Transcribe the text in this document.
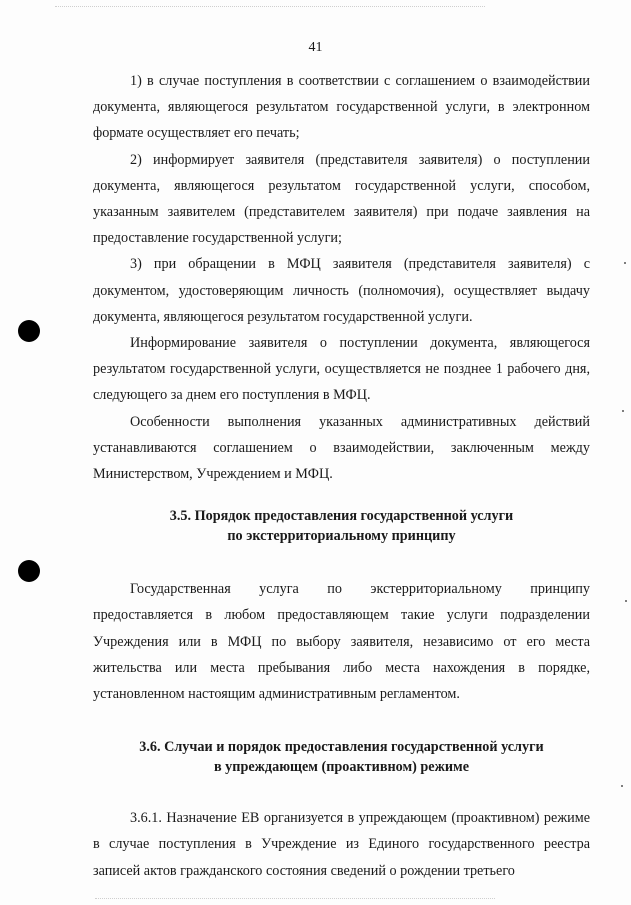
41

1) в случае поступления в соответствии с соглашением о взаимодействии документа, являющегося результатом государственной услуги, в электронном формате осуществляет его печать;

2) информирует заявителя (представителя заявителя) о поступлении документа, являющегося результатом государственной услуги, способом, указанным заявителем (представителем заявителя) при подаче заявления на предоставление государственной услуги;

3) при обращении в МФЦ заявителя (представителя заявителя) с документом, удостоверяющим личность (полномочия), осуществляет выдачу документа, являющегося результатом государственной услуги.

Информирование заявителя о поступлении документа, являющегося результатом государственной услуги, осуществляется не позднее 1 рабочего дня, следующего за днем его поступления в МФЦ.

Особенности выполнения указанных административных действий устанавливаются соглашением о взаимодействии, заключенным между Министерством, Учреждением и МФЦ.

3.5. Порядок предоставления государственной услуги
по экстерриториальному принципу

Государственная услуга по экстерриториальному принципу предоставляется в любом предоставляющем такие услуги подразделении Учреждения или в МФЦ по выбору заявителя, независимо от его места жительства или места пребывания либо места нахождения в порядке, установленном настоящим административным регламентом.

3.6. Случаи и порядок предоставления государственной услуги
в упреждающем (проактивном) режиме

3.6.1. Назначение ЕВ организуется в упреждающем (проактивном) режиме в случае поступления в Учреждение из Единого государственного реестра записей актов гражданского состояния сведений о рождении третьего
